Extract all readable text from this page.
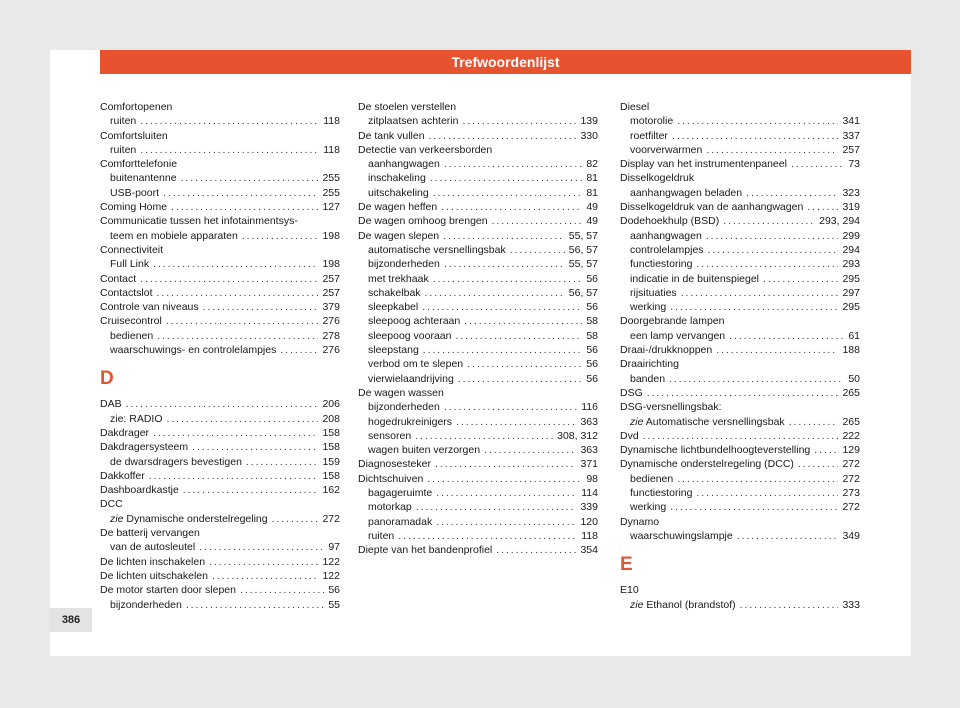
Trefwoordenlijst
Comfortopenen
ruiten . . .	118
Comfortsluiten
ruiten . . .	118
Comforttelefonie
buitenantenne . . .	255
USB-poort . . .	255
Coming Home . . .	127
Communicatie tussen het infotainmentsys-
teem en mobiele apparaten . . .	198
Connectiviteit
Full Link . . .	198
Contact . . .	257
Contactslot . . .	257
Controle van niveaus . . .	379
Cruisecontrol . . .	276
bedienen . . .	278
waarschuwings- en controlelampjes . . .	276
D
DAB . . .	206
zie: RADIO . . .	208
Dakdrager . . .	158
Dakdragersysteem . . .	158
de dwarsdragers bevestigen . . .	159
Dakkoffer . . .	158
Dashboardkastje . . .	162
DCC
zie Dynamische onderstelregeling . . .	272
De batterij vervangen
van de autosleutel . . .	97
De lichten inschakelen . . .	122
De lichten uitschakelen . . .	122
De motor starten door slepen . . .	56
bijzonderheden . . .	55
De stoelen verstellen
zitplaatsen achterin . . .	139
De tank vullen . . .	330
Detectie van verkeersborden
aanhangwagen . . .	82
inschakeling . . .	81
uitschakeling . . .	81
De wagen heffen . . .	49
De wagen omhoog brengen . . .	49
De wagen slepen . . .	55, 57
automatische versnellingsbak . . .	56, 57
bijzonderheden . . .	55, 57
met trekhaak . . .	56
schakelbak . . .	56, 57
sleepkabel . . .	56
sleepoog achteraan . . .	58
sleepoog vooraan . . .	58
sleepstang . . .	56
verbod om te slepen . . .	56
vierwielaandrijving . . .	56
De wagen wassen
bijzonderheden . . .	116
hogedrukreinigers . . .	363
sensoren . . .	308, 312
wagen buiten verzorgen . . .	363
Diagnosesteker . . .	371
Dichtschuiven . . .	98
bagageruimte . . .	114
motorkap . . .	339
panoramadak . . .	120
ruiten . . .	118
Diepte van het bandenprofiel . . .	354
Diesel
motorolie . . .	341
roetfilter . . .	337
voorverwarmen . . .	257
Display van het instrumentenpaneel . . .	73
Disselkogeldruk
aanhangwagen beladen . . .	323
Disselkogeldruk van de aanhangwagen . . .	319
Dodehoekhulp (BSD) . . .	293, 294
aanhangwagen . . .	299
controlelampjes . . .	294
functiestoring . . .	293
indicatie in de buitenspiegel . . .	295
rijsituaties . . .	297
werking . . .	295
Doorgebrande lampen
een lamp vervangen . . .	61
Draai-/drukknoppen . . .	188
Draairichting
banden . . .	50
DSG . . .	265
DSG-versnellingsbak:
zie Automatische versnellingsbak . . .	265
Dvd . . .	222
Dynamische lichtbundelhoogteverstelling . . .	129
Dynamische onderstelregeling (DCC) . . .	272
bedienen . . .	272
functiestoring . . .	273
werking . . .	272
Dynamo
waarschuwingslampje . . .	349
E
E10
zie Ethanol (brandstof) . . .	333
386
